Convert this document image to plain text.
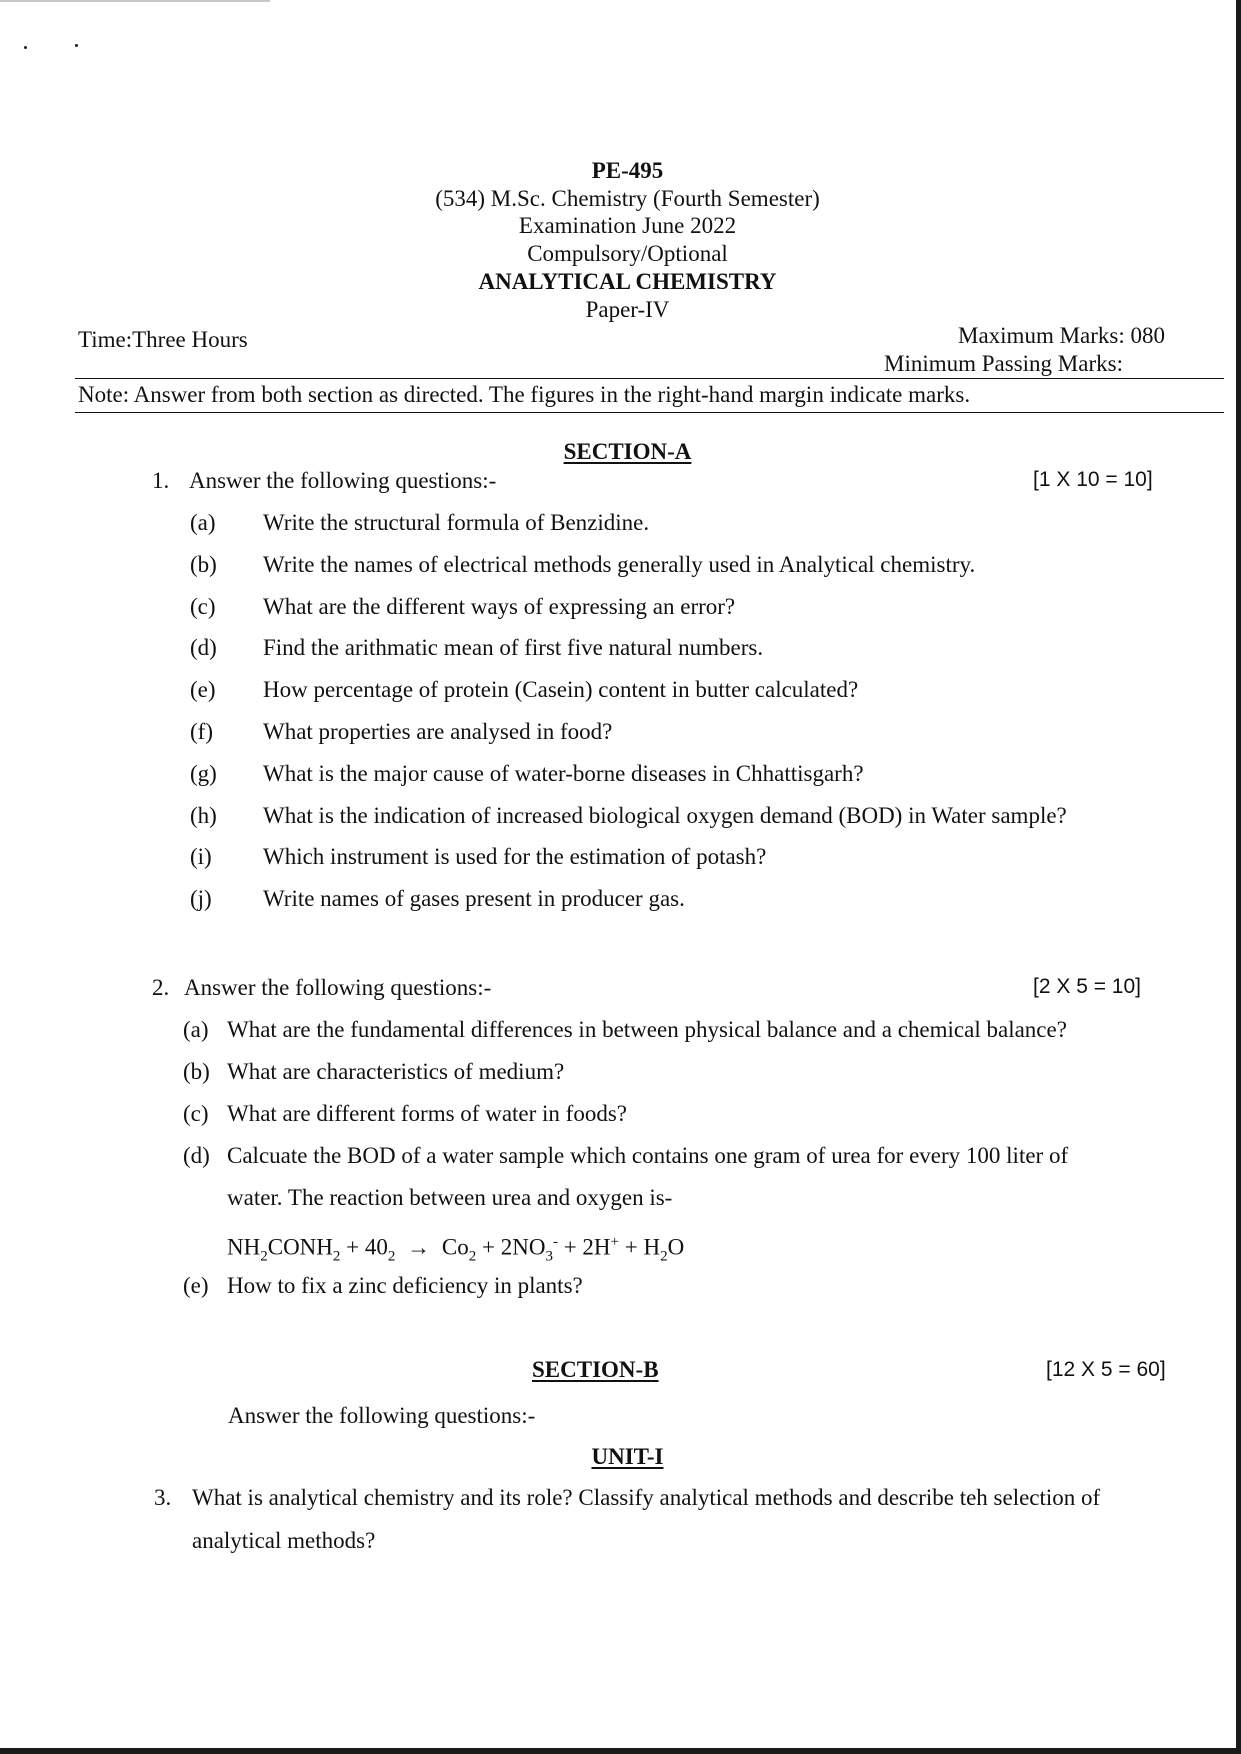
PE-495
(534) M.Sc. Chemistry (Fourth Semester)
Examination June 2022
Compulsory/Optional
ANALYTICAL CHEMISTRY
Paper-IV
Time:Three Hours	Maximum Marks: 080
Minimum Passing Marks:
Note: Answer from both section as directed. The figures in the right-hand margin indicate marks.
SECTION-A
1. Answer the following questions:-	[1 X 10 = 10]
(a) Write the structural formula of Benzidine.
(b) Write the names of electrical methods generally used in Analytical chemistry.
(c) What are the different ways of expressing an error?
(d) Find the arithmatic mean of first five natural numbers.
(e) How percentage of protein (Casein) content in butter calculated?
(f) What properties are analysed in food?
(g) What is the major cause of water-borne diseases in Chhattisgarh?
(h) What is the indication of increased biological oxygen demand (BOD) in Water sample?
(i) Which instrument is used for the estimation of potash?
(j) Write names of gases present in producer gas.
2. Answer the following questions:-	[2 X 5 = 10]
(a) What are the fundamental differences in between physical balance and a chemical balance?
(b) What are characteristics of medium?
(c) What are different forms of water in foods?
(d) Calcuate the BOD of a water sample which contains one gram of urea for every 100 liter of
water. The reaction between urea and oxygen is-
$NH_2CONH_2 + 40_2 \to Co_2 + 2NO_3^- + 2H^+ + H_2O$
(e) How to fix a zinc deficiency in plants?
SECTION-B	[12 X 5 = 60]
Answer the following questions:-
UNIT-I
3. What is analytical chemistry and its role? Classify analytical methods and describe teh selection of
analytical methods?
